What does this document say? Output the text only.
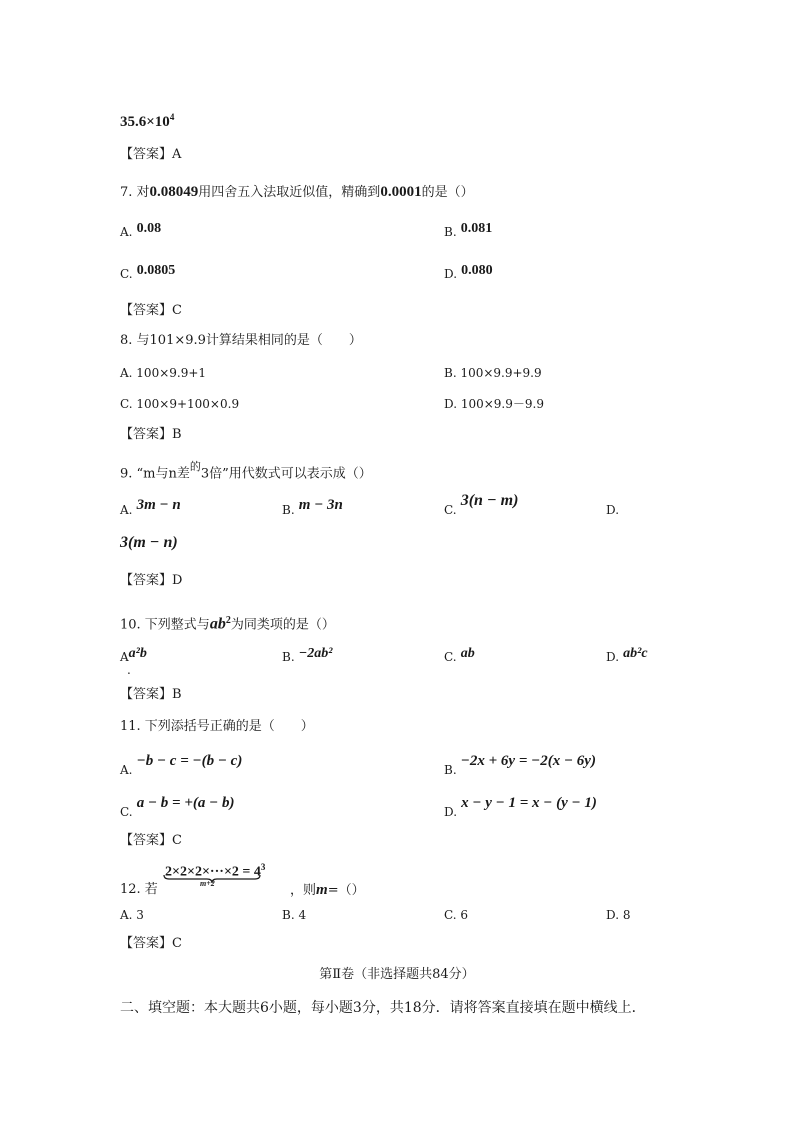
$35.6\times 10^4$
【答案】A
7. 对0.08049用四舍五入法取近似值，精确到0.0001的是（）
A. 0.08	B. 0.081
C. 0.0805	D. 0.080
【答案】C
8. 与101×9.9计算结果相同的是（　　）
A. 100×9.9+1	B. 100×9.9+9.9
C. 100×9+100×0.9	D. 100×9.9－9.9
【答案】B
9. “m与n差$^的$3倍”用代数式可以表示成（）
A. 3m − n	B. m − 3n	C. 3(n − m)
D.
3(m − n)
【答案】D
10. 下列整式与$ab^2$为同类项的是（）
Aa²b
.
B. −2ab²	C. ab	D. ab²c
【答案】B
11. 下列添括号正确的是（　　）
A. −b − c = −(b − c)
B. −2x + 6y = −2(x − 6y)
C. a − b = +(a − b)
D. x − y − 1 = x − (y − 1)
【答案】C
$2\times 2\times 2\times\cdot\cdot\cdot\times 2 = 4^3$
m+2
12. 若	，则m=（）
A. 3	B. 4	C. 6	D. 8
【答案】C
第Ⅱ卷（非选择题共84分）
二、填空题：本大题共6小题，每小题3分，共18分．请将答案直接填在题中横线上．
